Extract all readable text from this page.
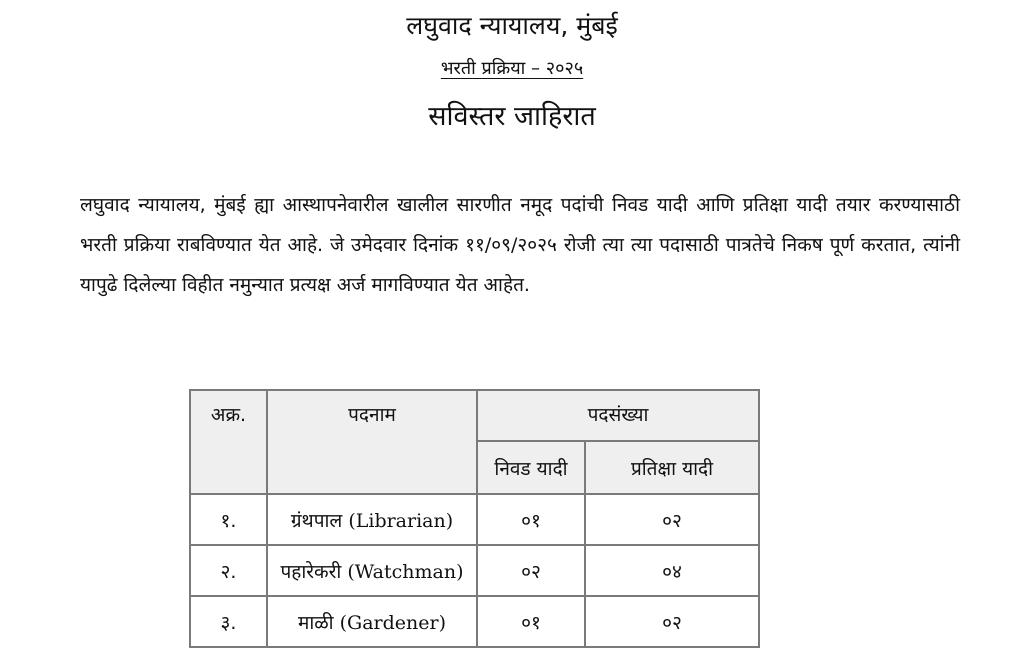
लघुवाद न्यायालय, मुंबई
भरती प्रक्रिया – २०२५
सविस्तर जाहिरात
लघुवाद न्यायालय, मुंबई ह्या आस्थापनेवारील खालील सारणीत नमूद पदांची निवड यादी आणि प्रतिक्षा यादी तयार करण्यासाठी भरती प्रक्रिया राबविण्यात येत आहे. जे उमेदवार दिनांक ११/०९/२०२५ रोजी त्या त्या पदासाठी पात्रतेचे निकष पूर्ण करतात, त्यांनी यापुढे दिलेल्या विहीत नमुन्यात प्रत्यक्ष अर्ज मागविण्यात येत आहेत.
अक्र.	पदनाम	पदसंख्या	
		निवड यादी	प्रतिक्षा यादी
१.	ग्रंथपाल (Librarian)	०१	०२
२.	पहारेकरी (Watchman)	०२	०४
३.	माळी (Gardener)	०१	०२
